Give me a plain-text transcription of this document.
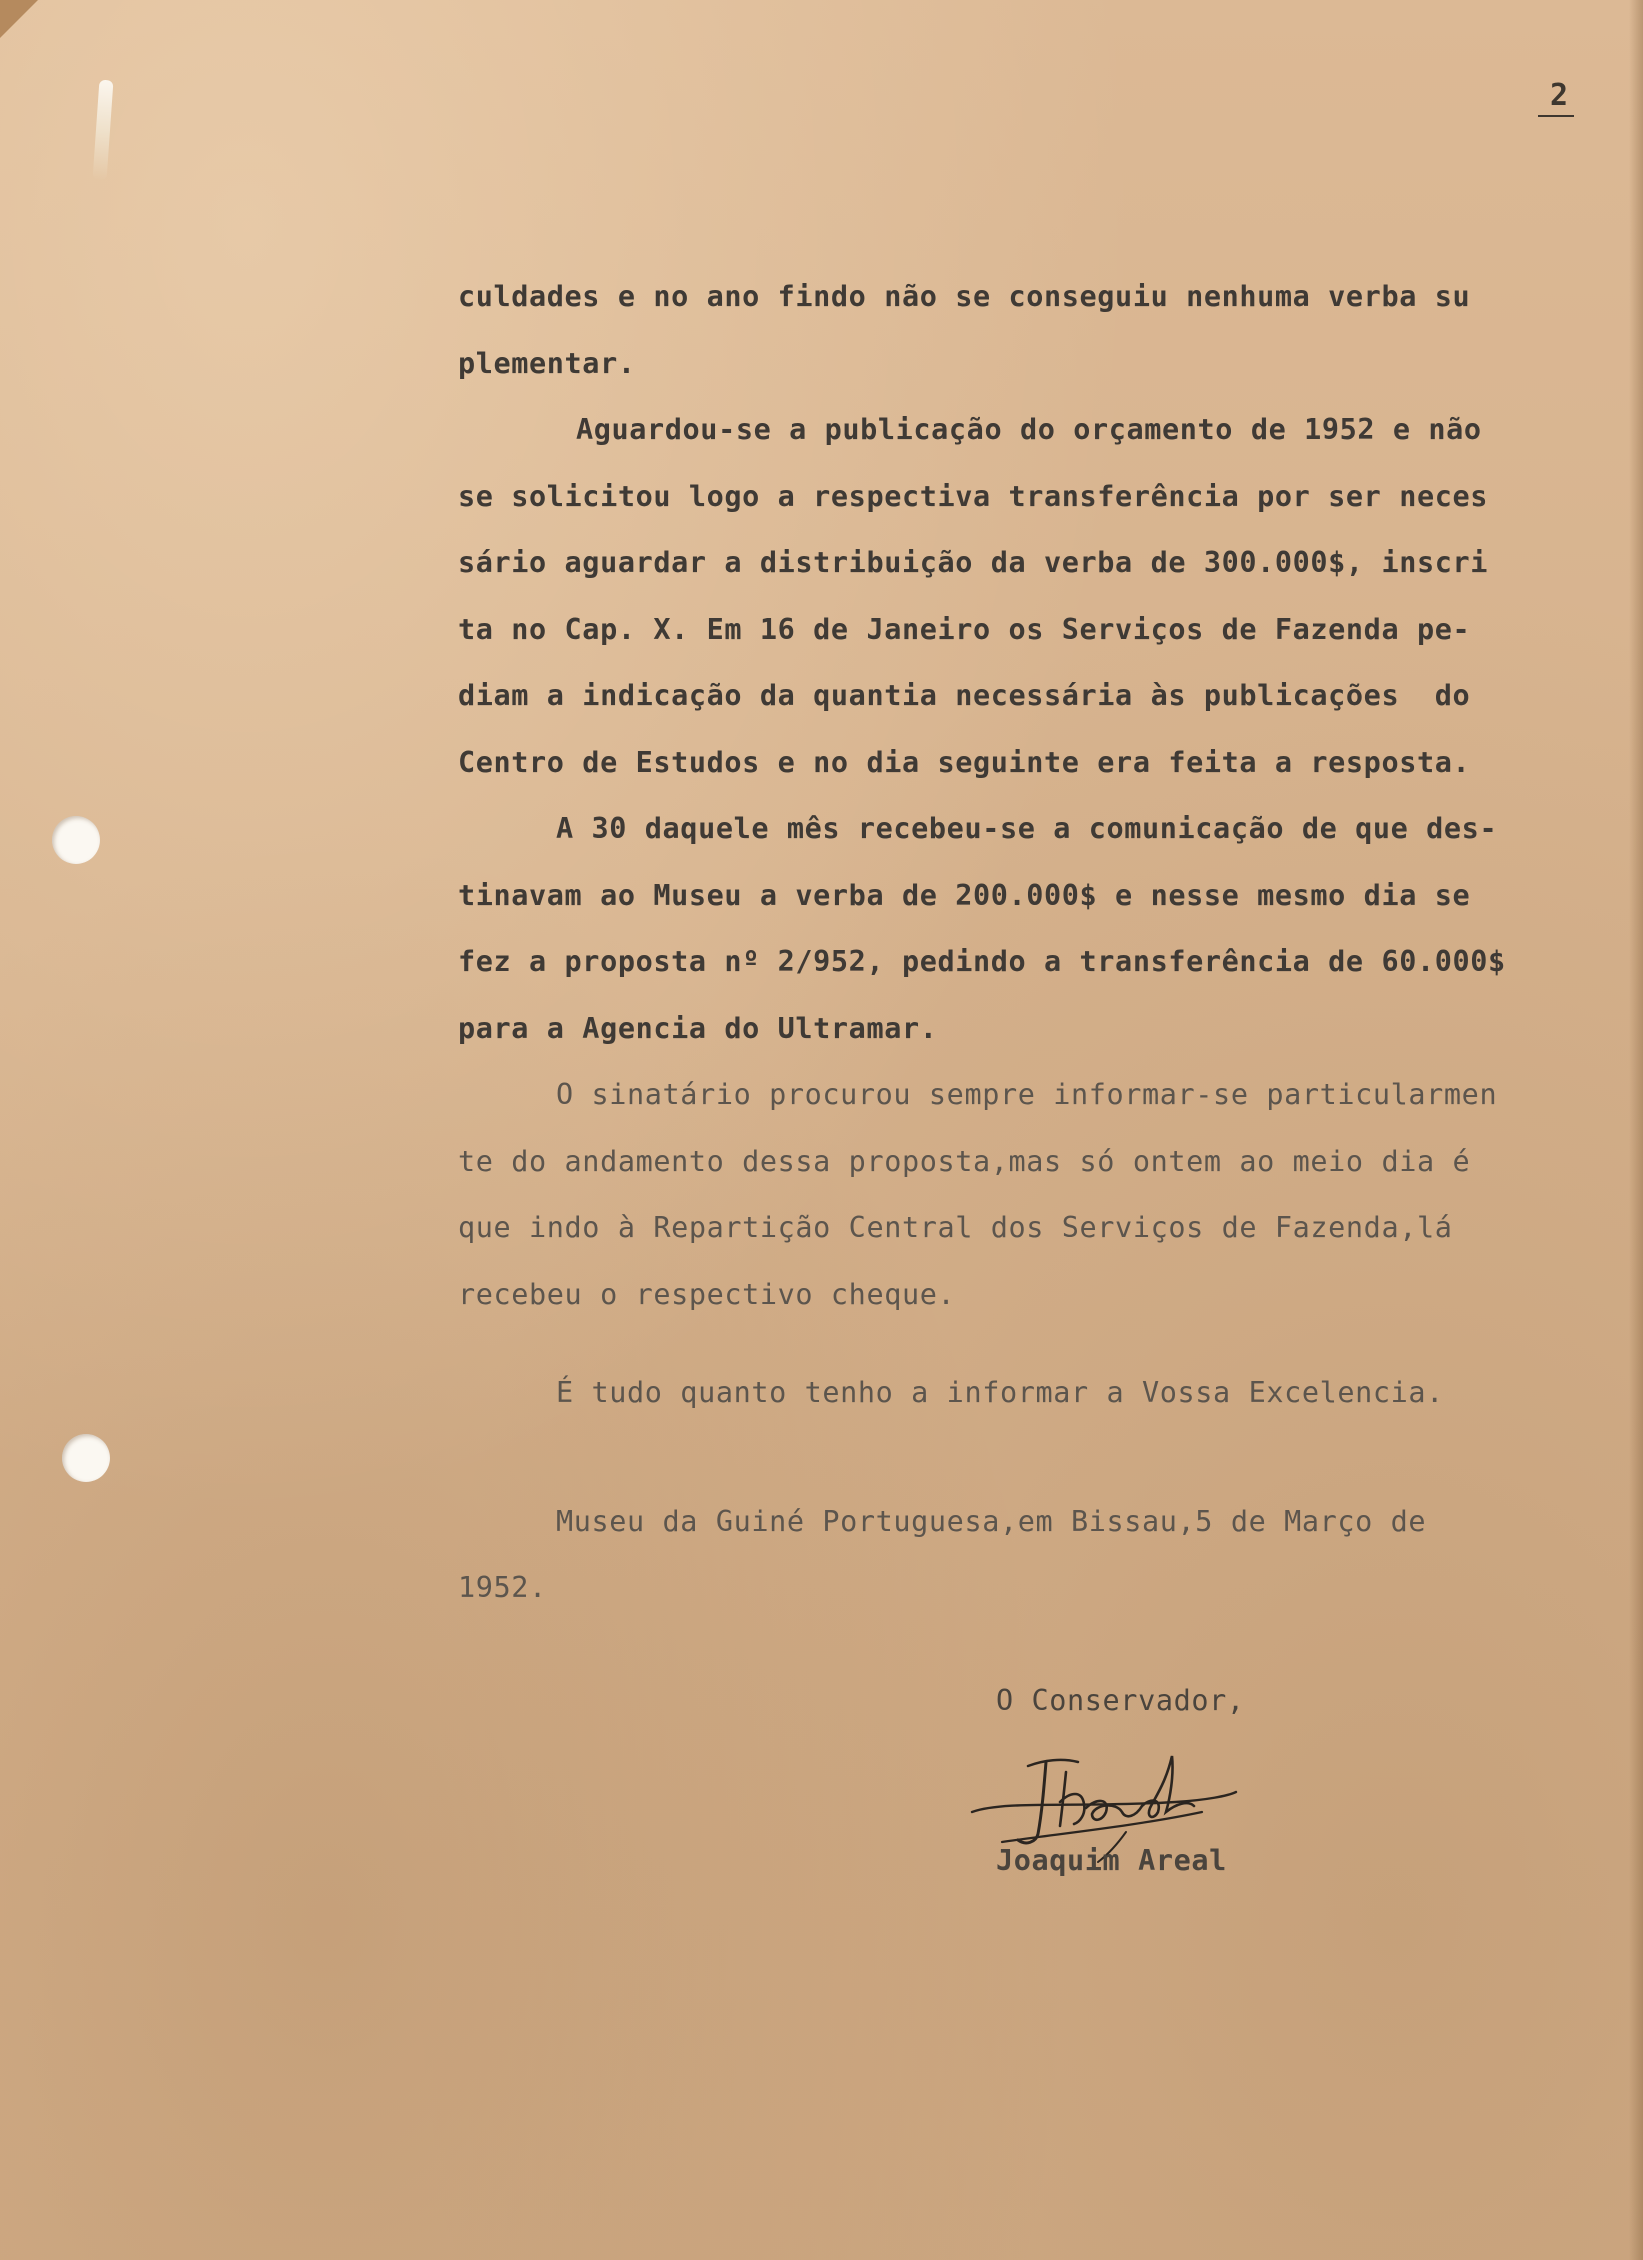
2
culdades e no ano findo não se conseguiu nenhuma verba su
plementar.
Aguardou-se a publicação do orçamento de 1952 e não
se solicitou logo a respectiva transferência por ser neces
sário aguardar a distribuição da verba de 300.000$, inscri
ta no Cap. X. Em 16 de Janeiro os Serviços de Fazenda pe-
diam a indicação da quantia necessária às publicações  do
Centro de Estudos e no dia seguinte era feita a resposta.
A 30 daquele mês recebeu-se a comunicação de que des-
tinavam ao Museu a verba de 200.000$ e nesse mesmo dia se
fez a proposta nº 2/952, pedindo a transferência de 60.000$
para a Agencia do Ultramar.
O sinatário procurou sempre informar-se particularmen
te do andamento dessa proposta,mas só ontem ao meio dia é
que indo à Repartição Central dos Serviços de Fazenda,lá
recebeu o respectivo cheque.
É tudo quanto tenho a informar a Vossa Excelencia.
Museu da Guiné Portuguesa,em Bissau,5 de Março de
1952.
O Conservador,
Joaquim Areal
